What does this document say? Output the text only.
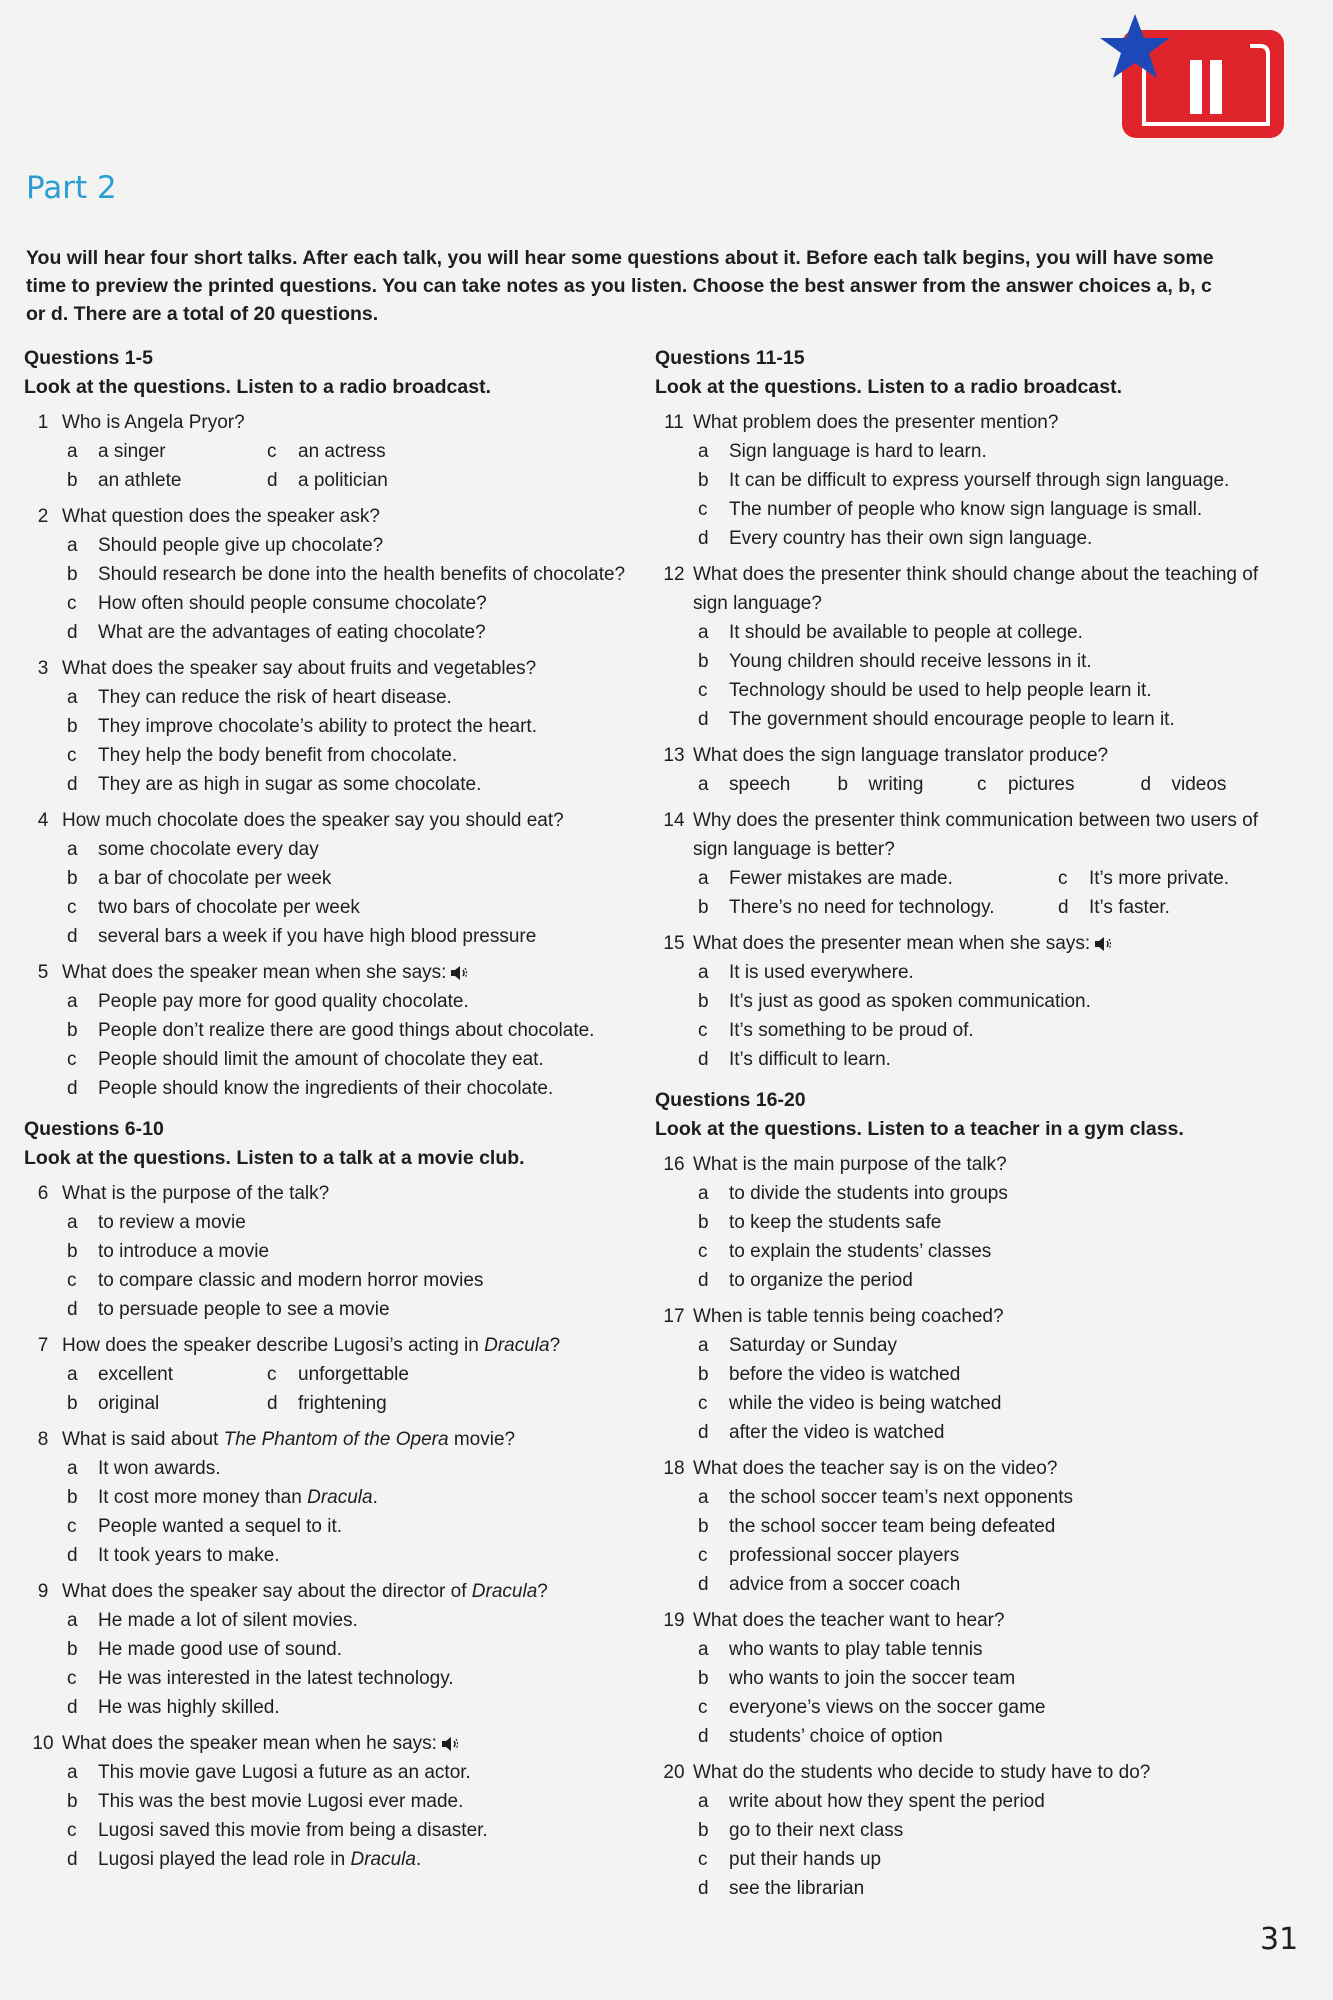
Part 2
You will hear four short talks. After each talk, you will hear some questions about it. Before each talk begins, you will have some time to preview the printed questions. You can take notes as you listen. Choose the best answer from the answer choices a, b, c or d. There are a total of 20 questions.
Questions 1-5
Look at the questions. Listen to a radio broadcast.
1 Who is Angela Pryor?
a	a singer	c	an actress
b	an athlete	d	a politician
2 What question does the speaker ask?
a	Should people give up chocolate?
b	Should research be done into the health benefits of chocolate?
c	How often should people consume chocolate?
d	What are the advantages of eating chocolate?
3 What does the speaker say about fruits and vegetables?
a	They can reduce the risk of heart disease.
b	They improve chocolate’s ability to protect the heart.
c	They help the body benefit from chocolate.
d	They are as high in sugar as some chocolate.
4 How much chocolate does the speaker say you should eat?
a	some chocolate every day
b	a bar of chocolate per week
c	two bars of chocolate per week
d	several bars a week if you have high blood pressure
5 What does the speaker mean when she says:
a	People pay more for good quality chocolate.
b	People don’t realize there are good things about chocolate.
c	People should limit the amount of chocolate they eat.
d	People should know the ingredients of their chocolate.
Questions 6-10
Look at the questions. Listen to a talk at a movie club.
6 What is the purpose of the talk?
a	to review a movie
b	to introduce a movie
c	to compare classic and modern horror movies
d	to persuade people to see a movie
7 How does the speaker describe Lugosi’s acting in Dracula?
a	excellent	c	unforgettable
b	original	d	frightening
8 What is said about The Phantom of the Opera movie?
a	It won awards.
b	It cost more money than Dracula.
c	People wanted a sequel to it.
d	It took years to make.
9 What does the speaker say about the director of Dracula?
a	He made a lot of silent movies.
b	He made good use of sound.
c	He was interested in the latest technology.
d	He was highly skilled.
10 What does the speaker mean when he says:
a	This movie gave Lugosi a future as an actor.
b	This was the best movie Lugosi ever made.
c	Lugosi saved this movie from being a disaster.
d	Lugosi played the lead role in Dracula.
Questions 11-15
Look at the questions. Listen to a radio broadcast.
11 What problem does the presenter mention?
a	Sign language is hard to learn.
b	It can be difficult to express yourself through sign language.
c	The number of people who know sign language is small.
d	Every country has their own sign language.
12 What does the presenter think should change about the teaching of sign language?
a	It should be available to people at college.
b	Young children should receive lessons in it.
c	Technology should be used to help people learn it.
d	The government should encourage people to learn it.
13 What does the sign language translator produce?
a	speech	b	writing	c	pictures	d	videos
14 Why does the presenter think communication between two users of sign language is better?
a	Fewer mistakes are made.	c	It’s more private.
b	There’s no need for technology.	d	It’s faster.
15 What does the presenter mean when she says:
a	It is used everywhere.
b	It’s just as good as spoken communication.
c	It’s something to be proud of.
d	It’s difficult to learn.
Questions 16-20
Look at the questions. Listen to a teacher in a gym class.
16 What is the main purpose of the talk?
a	to divide the students into groups
b	to keep the students safe
c	to explain the students’ classes
d	to organize the period
17 When is table tennis being coached?
a	Saturday or Sunday
b	before the video is watched
c	while the video is being watched
d	after the video is watched
18 What does the teacher say is on the video?
a	the school soccer team’s next opponents
b	the school soccer team being defeated
c	professional soccer players
d	advice from a soccer coach
19 What does the teacher want to hear?
a	who wants to play table tennis
b	who wants to join the soccer team
c	everyone’s views on the soccer game
d	students’ choice of option
20 What do the students who decide to study have to do?
a	write about how they spent the period
b	go to their next class
c	put their hands up
d	see the librarian
31
